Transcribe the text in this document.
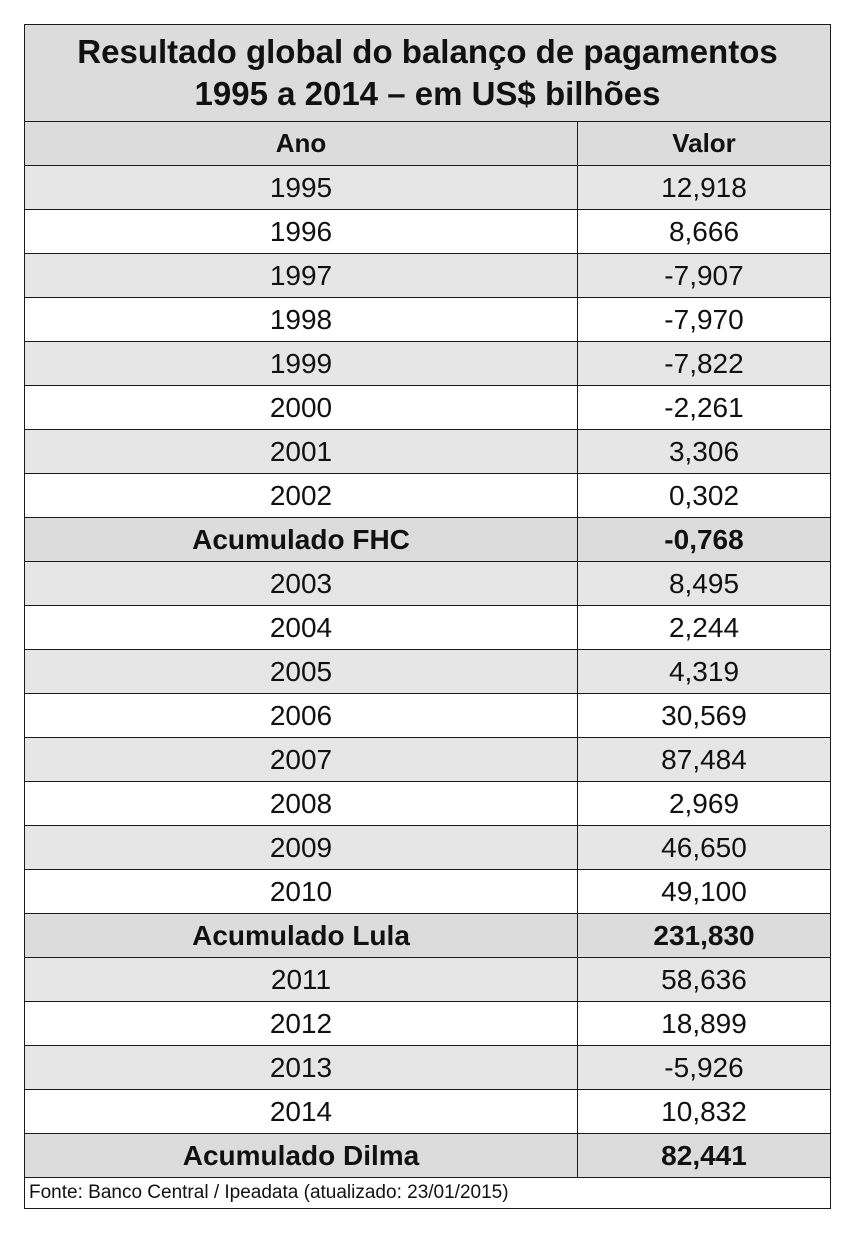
Resultado global do balanço de pagamentos
1995 a 2014 – em US$ bilhões	

Ano	Valor
1995	12,918
1996	8,666
1997	-7,907
1998	-7,970
1999	-7,822
2000	-2,261
2001	3,306
2002	0,302
Acumulado FHC	-0,768
2003	8,495
2004	2,244
2005	4,319
2006	30,569
2007	87,484
2008	2,969
2009	46,650
2010	49,100
Acumulado Lula	231,830
2011	58,636
2012	18,899
2013	-5,926
2014	10,832
Acumulado Dilma	82,441
Fonte: Banco Central / Ipeadata (atualizado: 23/01/2015)	
